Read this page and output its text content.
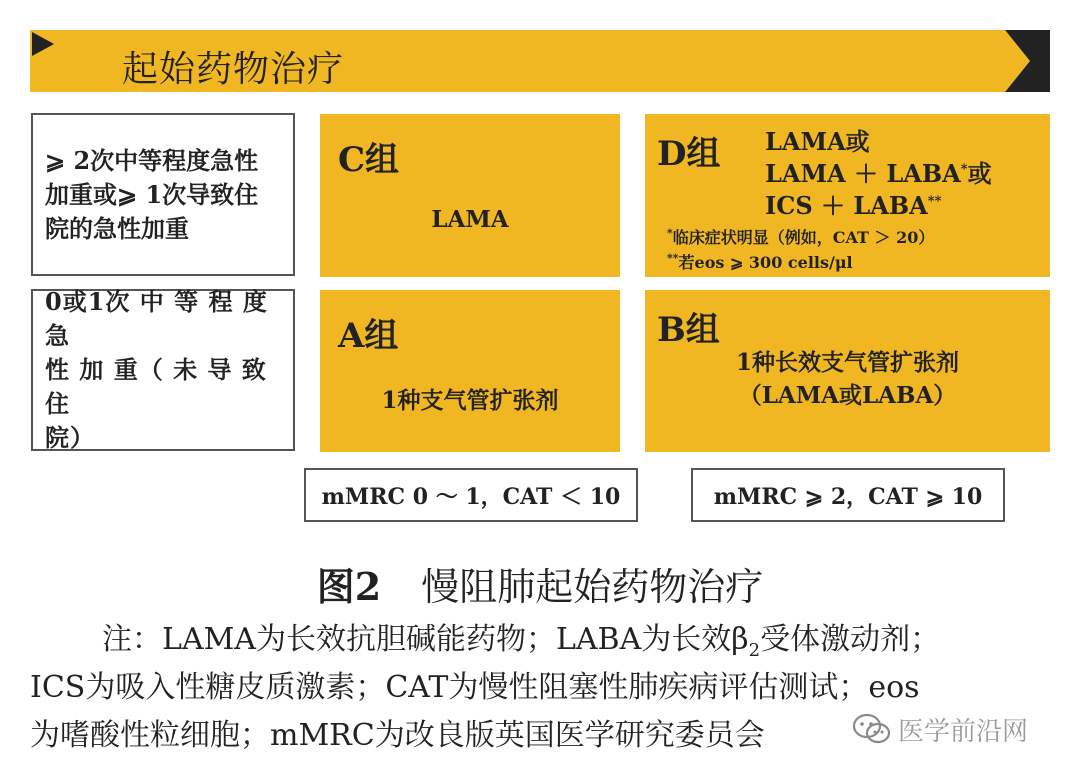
起始药物治疗
⩾ 2次中等程度急性
加重或⩾ 1次导致住
院的急性加重
0或1次 中 等 程 度 急
性 加 重（ 未 导 致 住
院）
C组
LAMA
D组 LAMA或
LAMA ＋ LABA*或
ICS ＋ LABA**
*临床症状明显（例如，CAT ＞ 20）
**若eos ⩾ 300 cells/μl
A组
1种支气管扩张剂
B组
1种长效支气管扩张剂
（LAMA或LABA）
mMRC 0 ～ 1，CAT ＜ 10	mMRC ⩾ 2，CAT ⩾ 10
图2 慢阻肺起始药物治疗
注：LAMA为长效抗胆碱能药物；LABA为长效$\beta_2$受体激动剂；
ICS为吸入性糖皮质激素；CAT为慢性阻塞性肺疾病评估测试；eos
为嗜酸性粒细胞；mMRC为改良版英国医学研究委员会	医学前沿网
